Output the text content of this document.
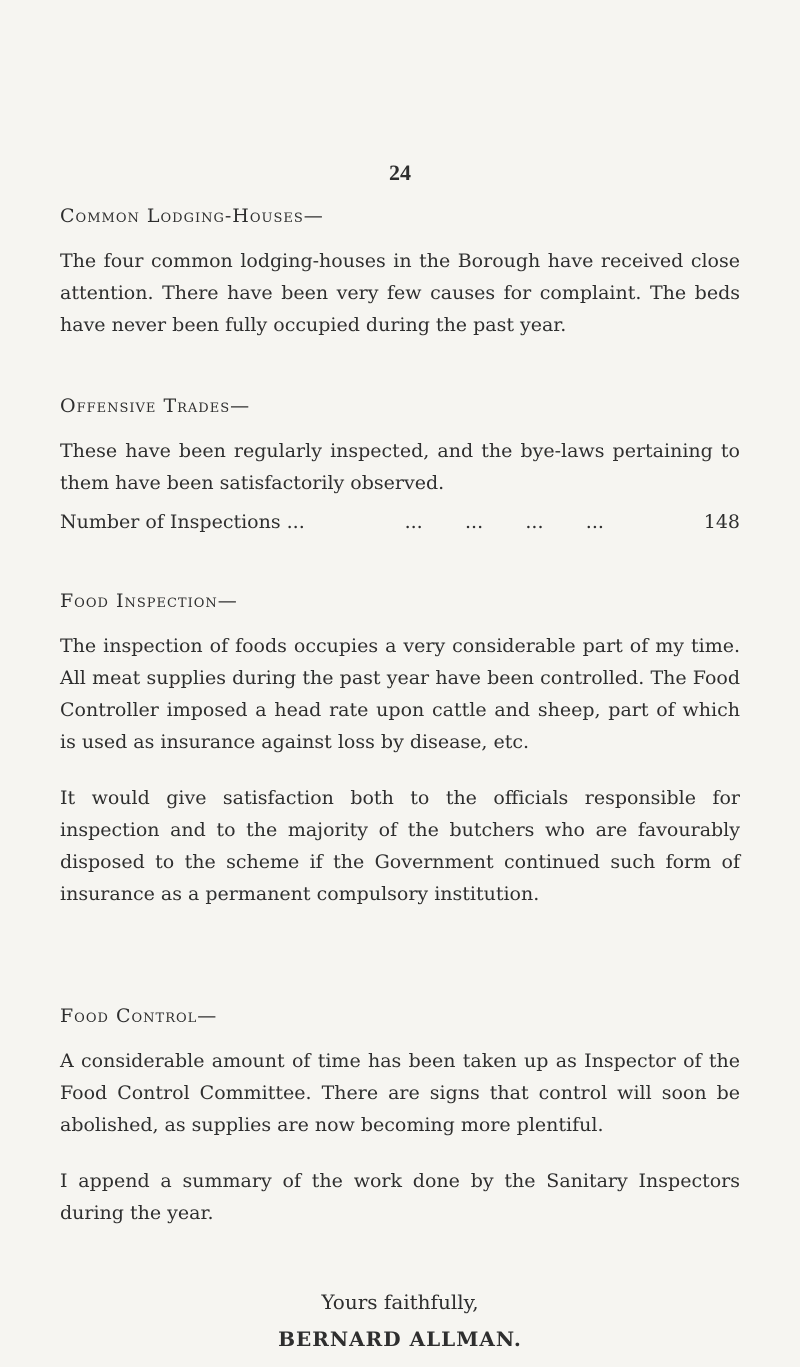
24
Common Lodging-Houses—

The four common lodging-houses in the Borough have received close attention. There have been very few causes for complaint. The beds have never been fully occupied during the past year.

Offensive Trades—

These have been regularly inspected, and the bye-laws pertaining to them have been satisfactorily observed.

Number of Inspections ...	...       ...       ...       ...	148
Food Inspection—

The inspection of foods occupies a very considerable part of my time. All meat supplies during the past year have been controlled. The Food Controller imposed a head rate upon cattle and sheep, part of which is used as insurance against loss by disease, etc.

It would give satisfaction both to the officials responsible for inspection and to the majority of the butchers who are favourably disposed to the scheme if the Government continued such form of insurance as a permanent compulsory institution.

Food Control—

A considerable amount of time has been taken up as Inspector of the Food Control Committee. There are signs that control will soon be abolished, as supplies are now becoming more plentiful.

I append a summary of the work done by the Sanitary Inspectors during the year.

Yours faithfully,
BERNARD ALLMAN.
